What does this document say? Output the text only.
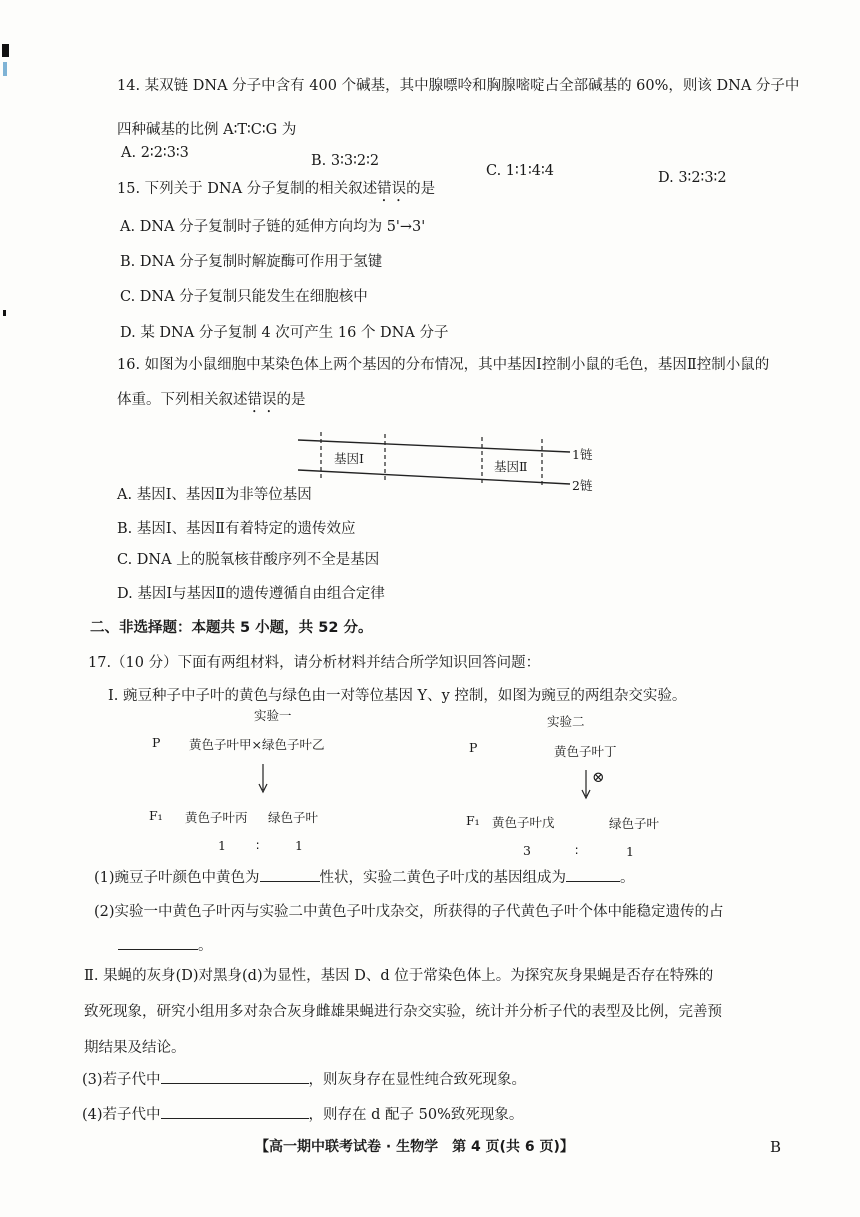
14. 某双链 DNA 分子中含有 400 个碱基，其中腺嘌呤和胸腺嘧啶占全部碱基的 60%，则该 DNA 分子中
四种碱基的比例 A∶T∶C∶G 为
A. 2∶2∶3∶3	B. 3∶3∶2∶2
C. 1∶1∶4∶4	D. 3∶2∶3∶2
15. 下列关于 DNA 分子复制的相关叙述错误的是
A. DNA 分子复制时子链的延伸方向均为 5'→3'
B. DNA 分子复制时解旋酶可作用于氢键
C. DNA 分子复制只能发生在细胞核中
D. 某 DNA 分子复制 4 次可产生 16 个 DNA 分子
16. 如图为小鼠细胞中某染色体上两个基因的分布情况，其中基因Ⅰ控制小鼠的毛色，基因Ⅱ控制小鼠的
体重。下列相关叙述错误的是
基因Ⅰ
基因Ⅱ
1链
2链
A. 基因Ⅰ、基因Ⅱ为非等位基因
B. 基因Ⅰ、基因Ⅱ有着特定的遗传效应
C. DNA 上的脱氧核苷酸序列不全是基因
D. 基因Ⅰ与基因Ⅱ的遗传遵循自由组合定律
二、非选择题：本题共 5 小题，共 52 分。
17.（10 分）下面有两组材料，请分析材料并结合所学知识回答问题：
Ⅰ. 豌豆种子中子叶的黄色与绿色由一对等位基因 Y、y 控制，如图为豌豆的两组杂交实验。
实验一
P 黄色子叶甲×绿色子叶乙
F₁ 黄色子叶丙 绿色子叶
1 ∶	1
实验二
P	黄色子叶丁
⊗
F₁ 黄色子叶戊	绿色子叶
3	∶	1
(1)豌豆子叶颜色中黄色为	性状，实验二黄色子叶戊的基因组成为	。
(2)实验一中黄色子叶丙与实验二中黄色子叶戊杂交，所获得的子代黄色子叶个体中能稳定遗传的占
。
Ⅱ. 果蝇的灰身(D)对黑身(d)为显性，基因 D、d 位于常染色体上。为探究灰身果蝇是否存在特殊的
致死现象，研究小组用多对杂合灰身雌雄果蝇进行杂交实验，统计并分析子代的表型及比例，完善预
期结果及结论。
(3)若子代中	，则灰身存在显性纯合致死现象。
(4)若子代中	，则存在 d 配子 50%致死现象。
【高一期中联考试卷 · 生物学　第 4 页(共 6 页)】	B
